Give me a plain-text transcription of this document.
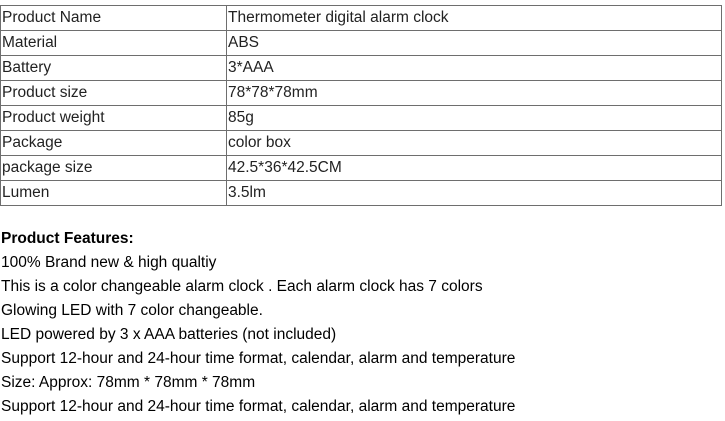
Product Name	Thermometer digital alarm clock
Material	ABS
Battery	3*AAA
Product size	78*78*78mm
Product weight	85g
Package	color box
package size	42.5*36*42.5CM
Lumen	3.5lm
Product Features:
100% Brand new & high qualtiy
This is a color changeable alarm clock . Each alarm clock has 7 colors
Glowing LED with 7 color changeable.
LED powered by 3 x AAA batteries (not included)
Support 12-hour and 24-hour time format, calendar, alarm and temperature
Size: Approx: 78mm * 78mm * 78mm
Support 12-hour and 24-hour time format, calendar, alarm and temperature
